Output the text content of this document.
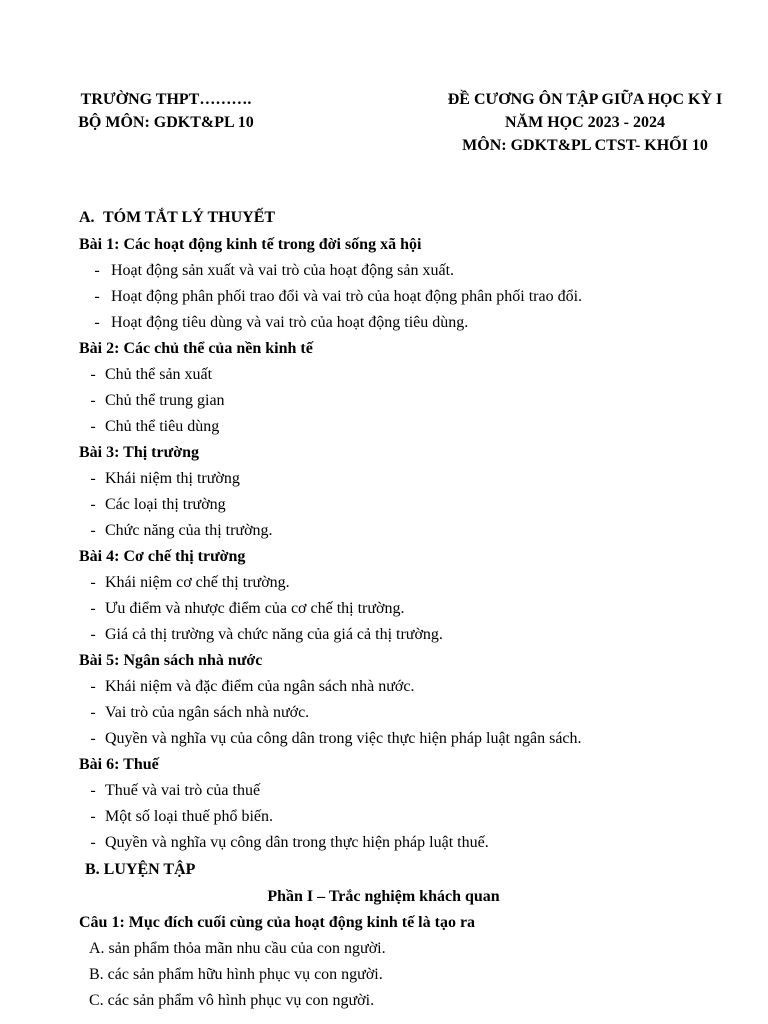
TRƯỜNG THPT……….
BỘ MÔN: GDKT&PL 10
ĐỀ CƯƠNG ÔN TẬP GIỮA HỌC KỲ I
NĂM HỌC 2023 - 2024
MÔN: GDKT&PL CTST- KHỐI 10
A. TÓM TẮT LÝ THUYẾT
Bài 1: Các hoạt động kinh tế trong đời sống xã hội
- Hoạt động sản xuất và vai trò của hoạt động sản xuất.
- Hoạt động phân phối trao đổi và vai trò của hoạt động phân phối trao đổi.
- Hoạt động tiêu dùng và vai trò của hoạt động tiêu dùng.
Bài 2: Các chủ thể của nền kinh tế
- Chủ thể sản xuất
- Chủ thể trung gian
- Chủ thể tiêu dùng
Bài 3: Thị trường
- Khái niệm thị trường
- Các loại thị trường
- Chức năng của thị trường.
Bài 4: Cơ chế thị trường
- Khái niệm cơ chế thị trường.
- Ưu điểm và nhược điểm của cơ chế thị trường.
- Giá cả thị trường và chức năng của giá cả thị trường.
Bài 5: Ngân sách nhà nước
- Khái niệm và đặc điểm của ngân sách nhà nước.
- Vai trò của ngân sách nhà nước.
- Quyền và nghĩa vụ của công dân trong việc thực hiện pháp luật ngân sách.
Bài 6: Thuế
- Thuế và vai trò của thuế
- Một số loại thuế phổ biến.
- Quyền và nghĩa vụ công dân trong thực hiện pháp luật thuế.
B. LUYỆN TẬP
Phần I – Trắc nghiệm khách quan
Câu 1: Mục đích cuối cùng của hoạt động kinh tế là tạo ra
A. sản phẩm thỏa mãn nhu cầu của con người.
B. các sản phẩm hữu hình phục vụ con người.
C. các sản phẩm vô hình phục vụ con người.
